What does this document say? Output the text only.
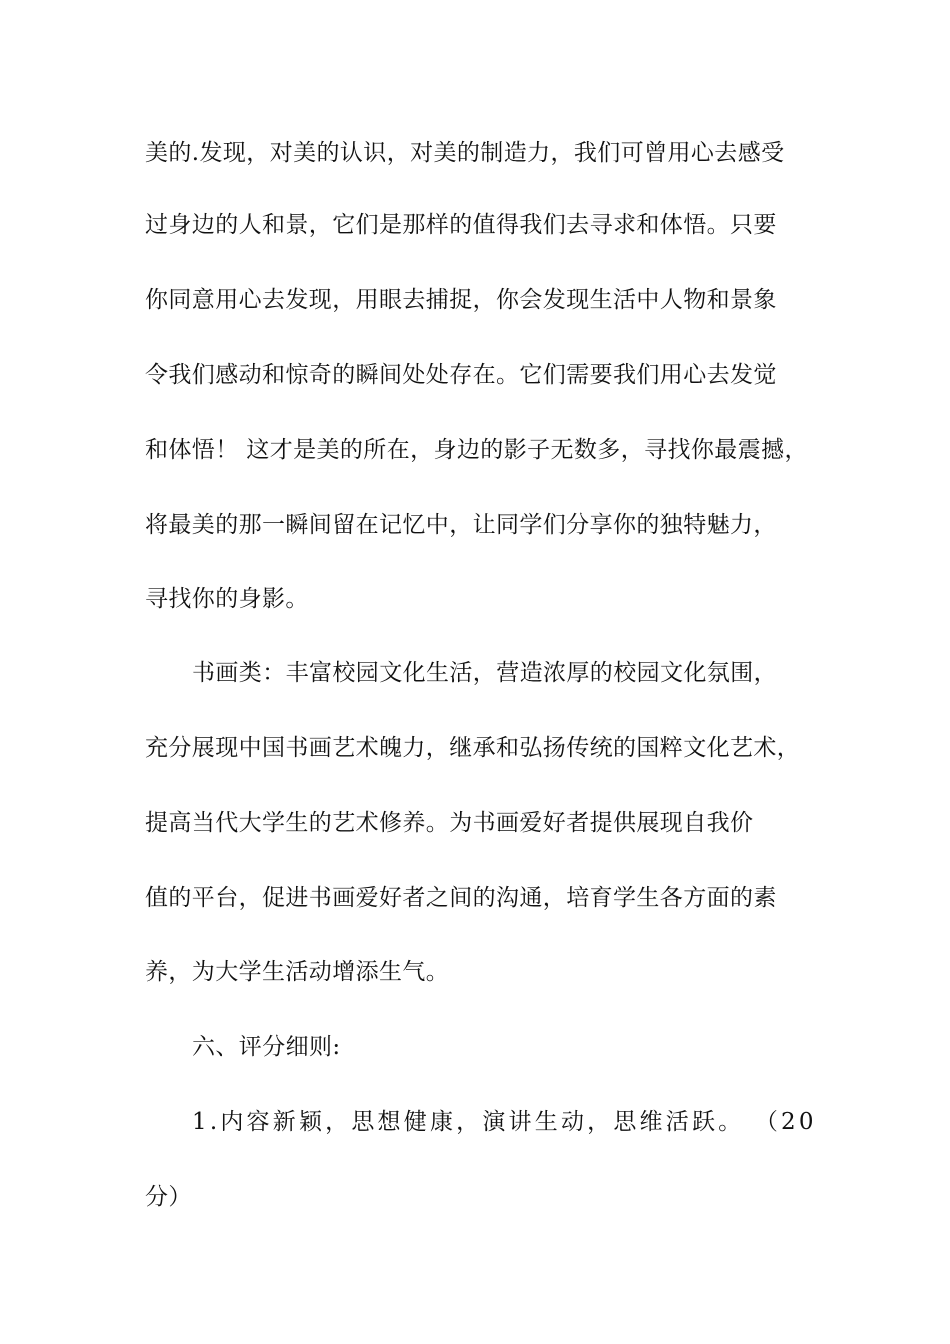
美的.发现，对美的认识，对美的制造力，我们可曾用心去感受
过身边的人和景，它们是那样的值得我们去寻求和体悟。只要
你同意用心去发现，用眼去捕捉，你会发现生活中人物和景象
令我们感动和惊奇的瞬间处处存在。它们需要我们用心去发觉
和体悟！ 这才是美的所在，身边的影子无数多，寻找你最震撼，
将最美的那一瞬间留在记忆中，让同学们分享你的独特魅力，
寻找你的身影。
书画类：丰富校园文化生活，营造浓厚的校园文化氛围，
充分展现中国书画艺术魄力，继承和弘扬传统的国粹文化艺术，
提高当代大学生的艺术修养。为书画爱好者提供展现自我价
值的平台，促进书画爱好者之间的沟通，培育学生各方面的素
养，为大学生活动增添生气。
六、评分细则:
1.内容新颖，思想健康，演讲生动，思维活跃。 （20
分）
